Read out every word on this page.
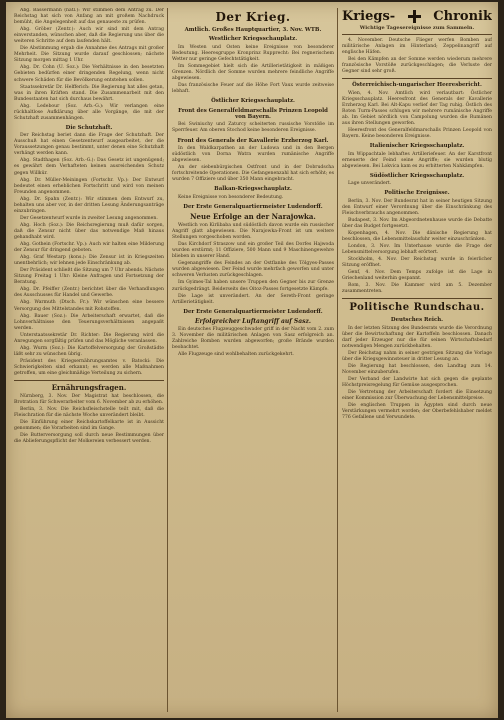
Abg. Bassermann (natl.): Wir stimmen dem Antrag zu. Der Reichstag hat sich von Anfang an mit großem Nachdruck bemüht, die Angelegenheit auf das genaueste zu prüfen.

Abg. Gröber (Zentr.): Auch wir sind mit dem Antrag einverstanden, wünschen aber, daß die Regierung uns über die weiteren Schritte auf dem laufenden hält.

Die Abstimmung ergab die Annahme des Antrags mit großer Mehrheit. Die Sitzung wurde darauf geschlossen; nächste Sitzung morgen mittag 1 Uhr.

Abg. Dr. Cohn (U. Soz.): Die Verhältnisse in den besetzten Gebieten bedürfen einer dringenden Regelung, wenn nicht schwere Schäden für die Bevölkerung entstehen sollen.

Staatssekretär Dr. Helfferich: Die Regierung hat alles getan, was in ihren Kräften stand. Die Zusammenarbeit mit den Bundesstaaten hat sich durchaus bewährt.

Abg. Ledebour (Soz. Arb.-G.): Wir verlangen eine rückhaltlose Aufklärung über alle Vorgänge, die mit der Schutzhaft zusammenhängen.

Die Schutzhaft.

Der Reichstag beriet dann die Frage der Schutzhaft. Der Ausschuß hat einen Gesetzentwurf ausgearbeitet, der die Voraussetzungen genau bestimmt, unter denen eine Schutzhaft verhängt werden kann.

Abg. Stadthagen (Soz. Arb.-G.): Das Gesetz ist ungenügend; es gewährt dem Verhafteten keinen ausreichenden Schutz gegen Willkür.

Abg. Dr. Müller-Meiningen (Fortschr. Vp.): Der Entwurf bedeutet einen erheblichen Fortschritt und wird von meinen Freunden angenommen.

Abg. Dr. Spahn (Zentr.): Wir stimmen dem Entwurf zu, behalten uns aber vor, in der dritten Lesung Änderungsanträge einzubringen.

Der Gesetzentwurf wurde in zweiter Lesung angenommen.

Abg. Hoch (Soz.): Die Reichsregierung muß dafür sorgen, daß die Zensur nicht über das notwendige Maß hinaus gehandhabt wird.

Abg. Gothein (Fortschr. Vp.): Auch wir halten eine Milderung der Zensur für dringend geboten.

Abg. Graf Westarp (kons.): Die Zensur ist in Kriegszeiten unentbehrlich; wir lehnen jede Einschränkung ab.

Der Präsident schließt die Sitzung um 7 Uhr abends. Nächste Sitzung Freitag 1 Uhr: Kleine Anfragen und Fortsetzung der Beratung.

Abg. Dr. Pfeiffer (Zentr.) berichtet über die Verhandlungen des Ausschusses für Handel und Gewerbe.

Abg. Warmuth (Dtsch. Fr.): Wir wünschen eine bessere Versorgung des Mittelstandes mit Rohstoffen.

Abg. Bauer (Soz.): Die Arbeiterschaft erwartet, daß die Lohnverhältnisse den Teuerungsverhältnissen angepaßt werden.

Unterstaatssekretär Dr. Richter: Die Regierung wird die Anregungen sorgfältig prüfen und das Mögliche veranlassen.

Abg. Wurm (Soz.): Die Kartoffelversorgung der Großstädte läßt sehr zu wünschen übrig.

Präsident des Kriegsernährungsamtes v. Batocki: Die Schwierigkeiten sind erkannt; es werden alle Maßnahmen getroffen, um eine gleichmäßige Verteilung zu sichern.

Ernährungsfragen.

Nürnberg, 3. Nov. Der Magistrat hat beschlossen, die Brotration für Schwerarbeiter vom 6. November ab zu erhöhen.

Berlin, 3. Nov. Die Reichsfleischstelle teilt mit, daß die Fleischration für die nächste Woche unverändert bleibt.

Die Einführung einer Reichskartoffelkarte ist in Aussicht genommen; die Vorarbeiten sind im Gange.

Die Butterversorgung soll durch neue Bestimmungen über die Ablieferungspflicht der Molkereien verbessert werden.

Der Krieg.
Amtlich. Großes Hauptquartier, 3. Nov. WTB.
Westlicher Kriegsschauplatz.

Im Westen und Osten keine Ereignisse von besonderer Bedeutung. Heeresgruppe Kronprinz Rupprecht: Bei regnerischem Wetter nur geringe Gefechtstätigkeit.

Im Sommegebiet hielt sich die Artillerietätigkeit in mäßigen Grenzen. Nördlich der Somme wurden mehrere feindliche Angriffe abgewiesen.

Das französische Feuer auf die Höhe Fort Vaux wurde zeitweise lebhaft.

Östlicher Kriegsschauplatz.
Front des Generalfeldmarschalls Prinzen Leopold von Bayern.

Bei Swiniuchy und Zaturcy scheiterten russische Vorstöße im Sperrfeuer. Am oberen Stochod keine besonderen Ereignisse.

Front des Generals der Kavallerie Erzherzog Karl.

In den Waldkarpathen an der Ludowa und in den Bergen südöstlich von Dorna Watra wurden rumänische Angriffe abgewiesen.

An der siebenbürgischen Ostfront und in der Dobrudscha fortschreitende Operationen. Die Gefangenenzahl hat sich erhöht; es wurden 7 Offiziere und über 350 Mann eingebracht.

Balkan-Kriegsschauplatz.

Keine Ereignisse von besonderer Bedeutung.

Der Erste Generalquartiermeister Ludendorff.
Neue Erfolge an der Narajowka.

Westlich von Kirlibaba und südöstlich davon wurde ein russischer Angriff glatt abgewiesen. Die Narajowka-Front ist um weitere Stellungen vorgeschoben worden.

Das Kirchdorf Straszow und ein großer Teil des Dorfes Hajwoda wurden erstürmt; 11 Offiziere, 500 Mann und 9 Maschinengewehre blieben in unserer Hand.

Gegenangriffe des Feindes an der Ostflanke des Tölgyes-Passes wurden abgewiesen. Der Feind wurde mehrfach geworfen und unter schweren Verlusten zurückgeschlagen.

Im Gyimes-Tal haben unsere Truppen den Gegner bis zur Grenze zurückgedrängt. Beiderseits des Oitoz-Passes fortgesetzte Kämpfe.

Die Lage ist unverändert. An der Sereth-Front geringe Artillerietätigkeit.

Der Erste Generalquartiermeister Ludendorff.
Erfolgreicher Luftangriff auf Sasz.

Ein deutsches Flugzeuggeschwader griff in der Nacht vom 2. zum 3. November die militärischen Anlagen von Sasz erfolgreich an. Zahlreiche Bomben wurden abgeworfen; große Brände wurden beobachtet.

Alle Flugzeuge sind wohlbehalten zurückgekehrt.

Kriegs-	Chronik
Wichtige Tagesereignisse zum Sammeln.

4. November. Deutsche Flieger werfen Bomben auf militärische Anlagen im Hinterland; Zeppelinangriff auf englische Häfen.

Bei den Kämpfen an der Somme werden wiederum mehrere französische Vorstöße zurückgeschlagen; die Verluste der Gegner sind sehr groß.

Österreichisch-ungarischer Heeresbericht.

Wien, 4. Nov. Amtlich wird verlautbart: Östlicher Kriegsschauplatz. Heeresfront des Generals der Kavallerie Erzherzog Karl. Bei Alt-Kapu verlief der Tag ruhig. Östlich des Roten Turm-Passes schlugen wir mehrere rumänische Angriffe ab. Im Gebiet nördlich von Campolung wurden die Rumänen aus ihren Stellungen geworfen.

Heeresfront des Generalfeldmarschalls Prinzen Leopold von Bayern. Keine besonderen Ereignisse.

Italienischer Kriegsschauplatz.

Im Wippachtale lebhaftes Artilleriefeuer. An der Karstfront erneuerte der Feind seine Angriffe; sie wurden blutig abgewiesen. Bei Lokvica kam es zu erbitterten Nahkämpfen.

Südöstlicher Kriegsschauplatz.

Lage unverändert.

Politische Ereignisse.

Berlin, 3. Nov. Der Bundesrat hat in seiner heutigen Sitzung den Entwurf einer Verordnung über die Einschränkung des Fleischverbrauchs angenommen.

Budapest, 3. Nov. Im Abgeordnetenhause wurde die Debatte über das Budget fortgesetzt.

Kopenhagen, 4. Nov. Die dänische Regierung hat beschlossen, die Lebensmittelausfuhr weiter einzuschränken.

London, 3. Nov. Im Unterhause wurde die Frage der Lebensmittelversorgung lebhaft erörtert.

Stockholm, 4. Nov. Der Reichstag wurde in feierlicher Sitzung eröffnet.

Genf, 4. Nov. Dem Temps zufolge ist die Lage in Griechenland weiterhin gespannt.

Rom, 3. Nov. Die Kammer wird am 5. Dezember zusammentreten.

Politische Rundschau.
Deutsches Reich.

In der letzten Sitzung des Bundesrats wurde die Verordnung über die Bewirtschaftung der Kartoffeln beschlossen. Danach darf jeder Erzeuger nur die für seinen Wirtschaftsbedarf notwendigen Mengen zurückbehalten.

Der Reichstag nahm in seiner gestrigen Sitzung die Vorlage über die Kriegsgewinnsteuer in dritter Lesung an.

Die Regierung hat beschlossen, den Landtag zum 14. November einzuberufen.

Der Verband der Landwirte hat sich gegen die geplante Höchstpreisregelung für Gemüse ausgesprochen.

Die Vertretung der Arbeiterschaft fordert die Einsetzung einer Kommission zur Überwachung der Lebensmittelpreise.

Die englischen Truppen in Ägypten sind durch neue Verstärkungen vermehrt worden; der Oberbefehlshaber meldet 776 Gefallene und Verwundete.
